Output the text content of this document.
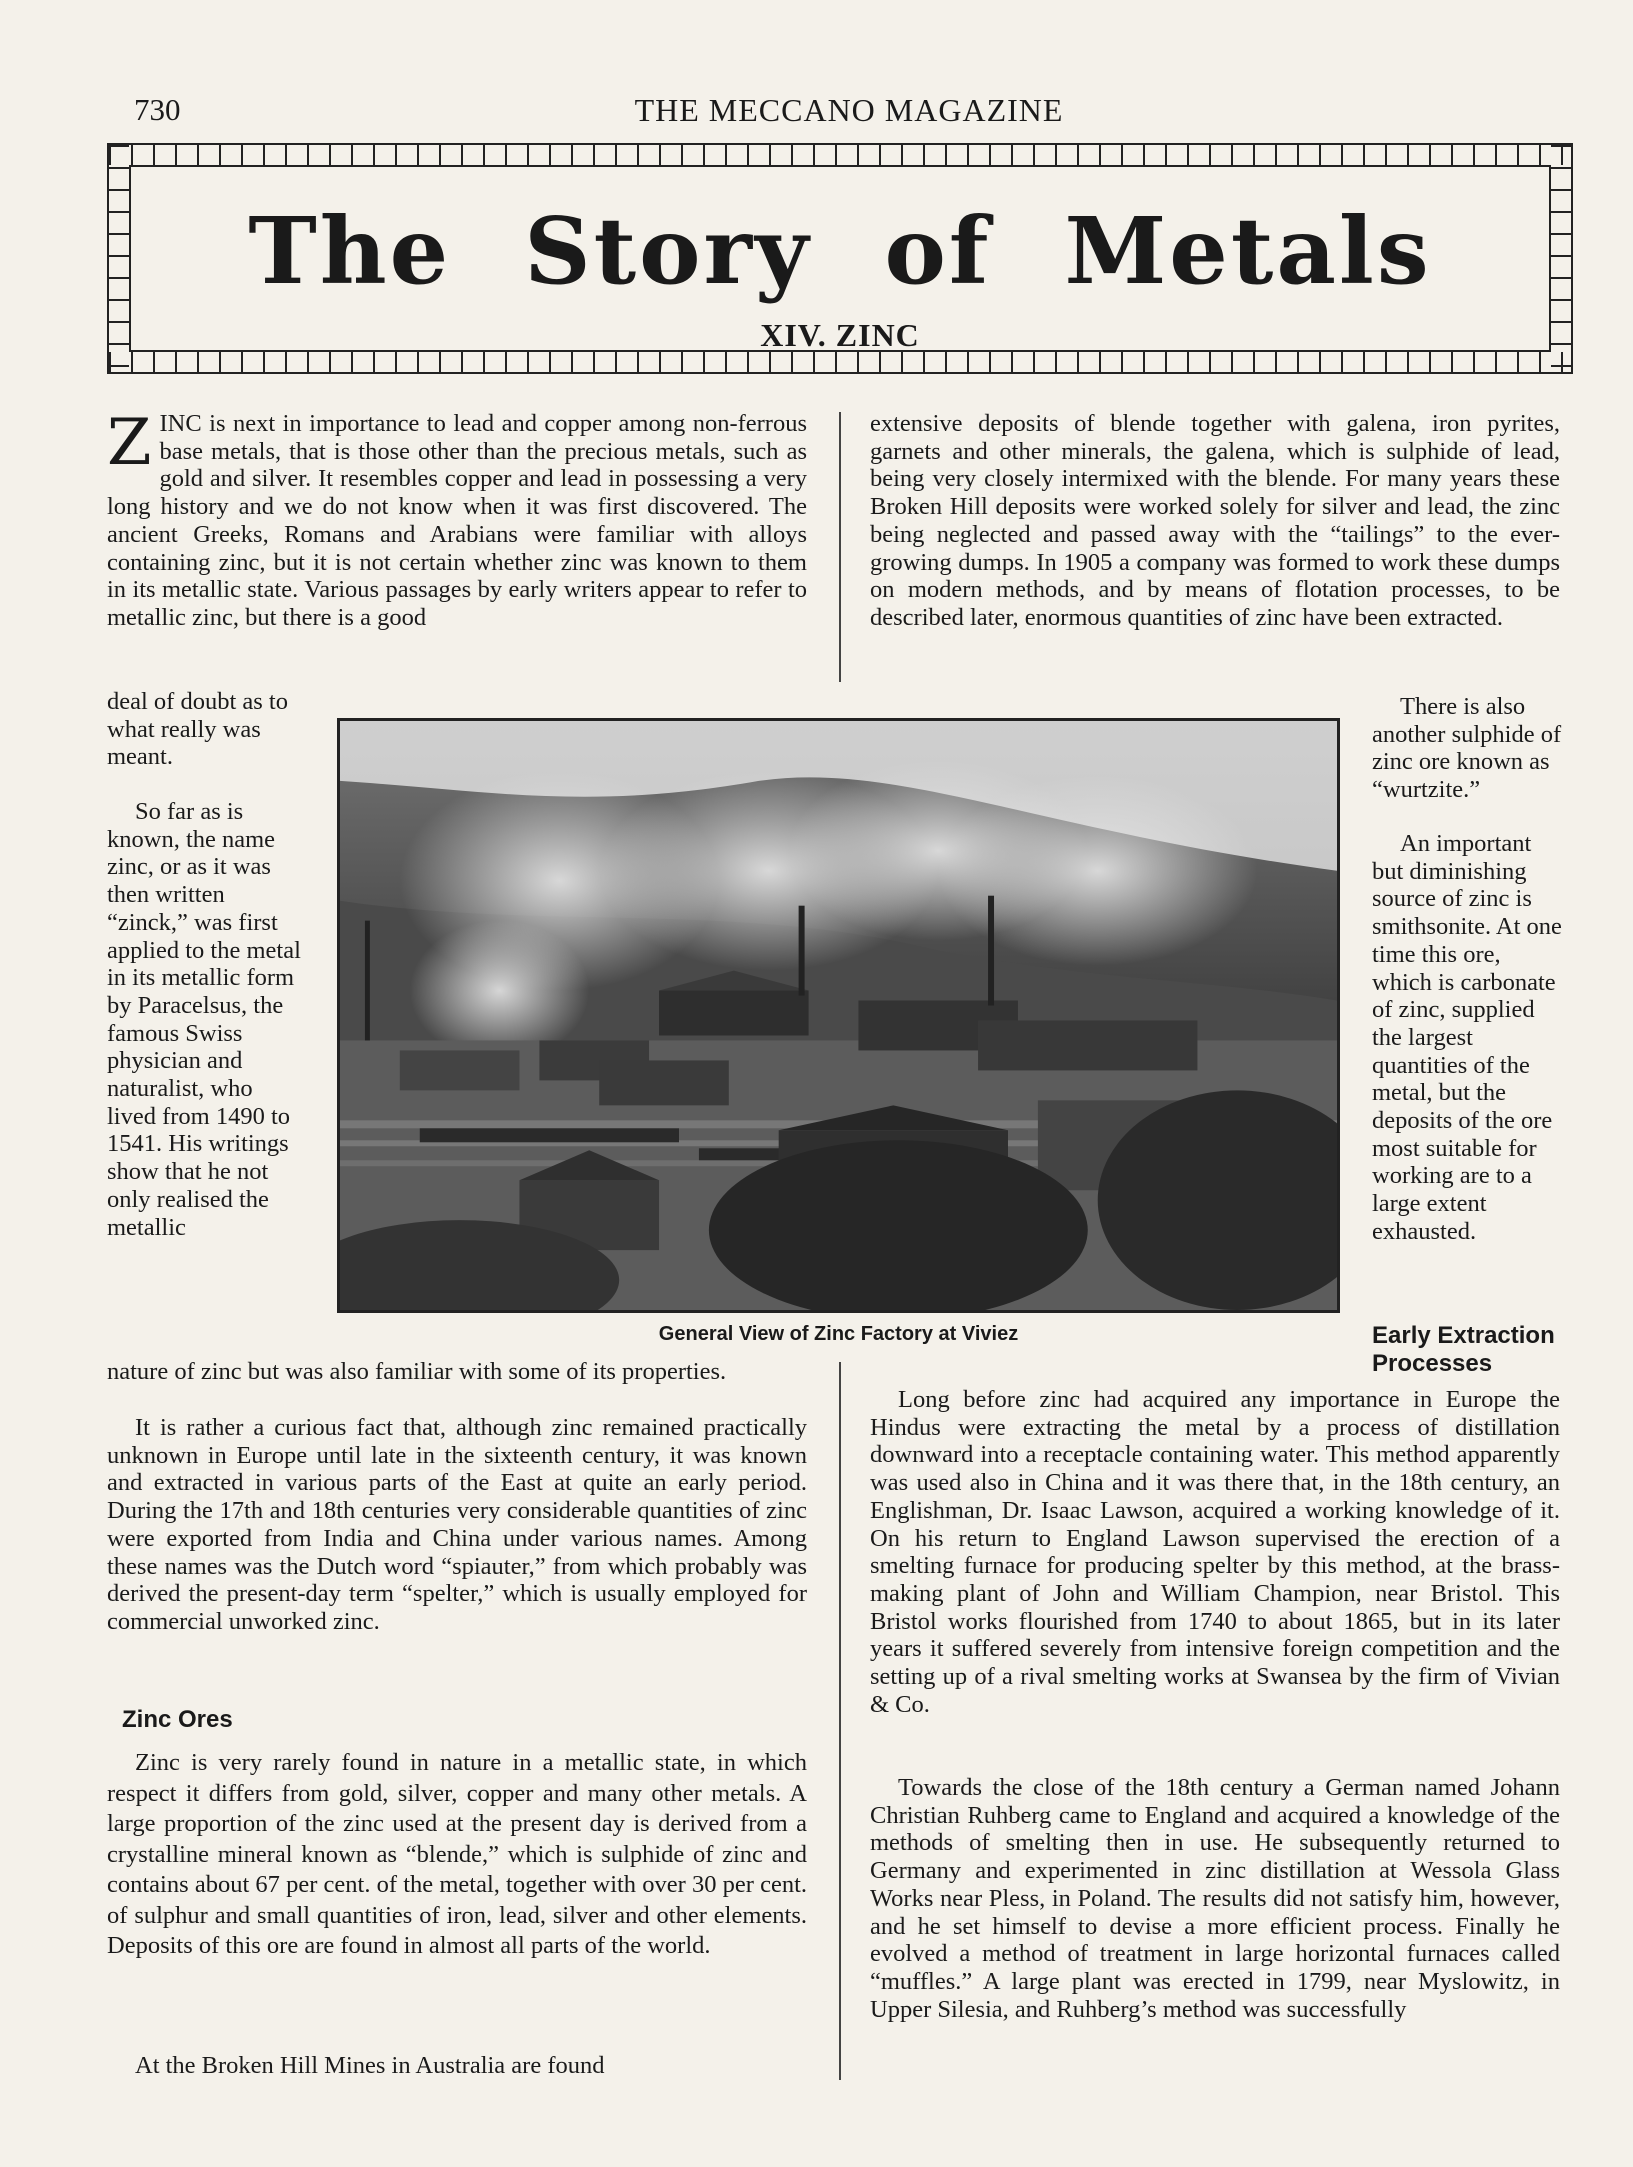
730	THE MECCANO MAGAZINE
The Story of Metals
XIV. ZINC

ZINC is next in importance to lead and copper among non-ferrous base metals, that is those other than the precious metals, such as gold and silver. It resembles copper and lead in possessing a very long history and we do not know when it was first discovered. The ancient Greeks, Romans and Arabians were familiar with alloys containing zinc, but it is not certain whether zinc was known to them in its metallic state. Various passages by early writers appear to refer to metallic zinc, but there is a good

deal of doubt as to what really was meant.

So far as is known, the name zinc, or as it was then written “zinck,” was first applied to the metal in its metallic form by Paracelsus, the famous Swiss physician and naturalist, who lived from 1490 to 1541. His writings show that he not only realised the metallic

nature of zinc but was also familiar with some of its properties.

It is rather a curious fact that, although zinc remained practically unknown in Europe until late in the sixteenth century, it was known and extracted in various parts of the East at quite an early period. During the 17th and 18th centuries very considerable quantities of zinc were exported from India and China under various names. Among these names was the Dutch word “spiauter,” from which probably was derived the present-day term “spelter,” which is usually employed for commercial unworked zinc.

Zinc Ores

Zinc is very rarely found in nature in a metallic state, in which respect it differs from gold, silver, copper and many other metals. A large proportion of the zinc used at the present day is derived from a crystalline mineral known as “blende,” which is sulphide of zinc and contains about 67 per cent. of the metal, together with over 30 per cent. of sulphur and small quantities of iron, lead, silver and other elements. Deposits of this ore are found in almost all parts of the world.

At the Broken Hill Mines in Australia are found

extensive deposits of blende together with galena, iron pyrites, garnets and other minerals, the galena, which is sulphide of lead, being very closely intermixed with the blende. For many years these Broken Hill deposits were worked solely for silver and lead, the zinc being neglected and passed away with the “tailings” to the ever-growing dumps. In 1905 a company was formed to work these dumps on modern methods, and by means of flotation processes, to be described later, enormous quantities of zinc have been extracted.

There is also another sulphide of zinc ore known as “wurtzite.”

An important but diminishing source of zinc is smithsonite. At one time this ore, which is carbonate of zinc, supplied the largest quantities of the metal, but the deposits of the ore most suitable for working are to a large extent exhausted.

Early Extraction Processes

Long before zinc had acquired any importance in Europe the Hindus were extracting the metal by a process of distillation downward into a receptacle containing water. This method apparently was used also in China and it was there that, in the 18th century, an Englishman, Dr. Isaac Lawson, acquired a working knowledge of it. On his return to England Lawson supervised the erection of a smelting furnace for producing spelter by this method, at the brass-making plant of John and William Champion, near Bristol. This Bristol works flourished from 1740 to about 1865, but in its later years it suffered severely from intensive foreign competition and the setting up of a rival smelting works at Swansea by the firm of Vivian & Co.

Towards the close of the 18th century a German named Johann Christian Ruhberg came to England and acquired a knowledge of the methods of smelting then in use. He subsequently returned to Germany and experimented in zinc distillation at Wessola Glass Works near Pless, in Poland. The results did not satisfy him, however, and he set himself to devise a more efficient process. Finally he evolved a method of treatment in large horizontal furnaces called “muffles.” A large plant was erected in 1799, near Myslowitz, in Upper Silesia, and Ruhberg’s method was successfully

General View of Zinc Factory at Viviez
